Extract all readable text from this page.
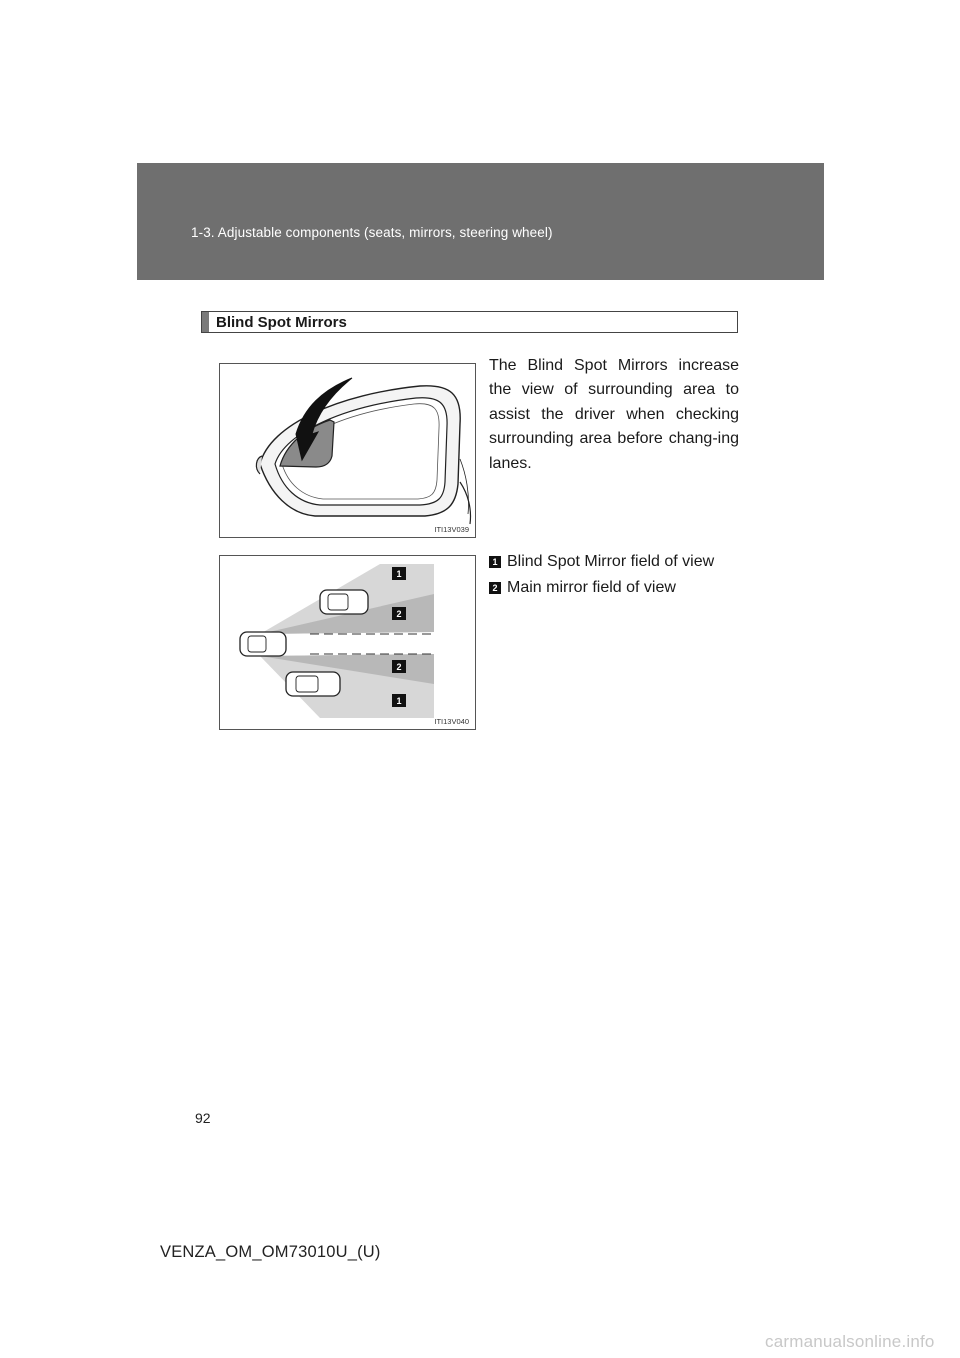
1-3. Adjustable components (seats, mirrors, steering wheel)
Blind Spot Mirrors
ITI13V039
1
2
2
1
ITI13V040
The Blind Spot Mirrors increase the view of surrounding area to assist the driver when checking surrounding area before chang-ing lanes.
1 Blind Spot Mirror field of view
2 Main mirror field of view
92
VENZA_OM_OM73010U_(U)
carmanualsonline.info
